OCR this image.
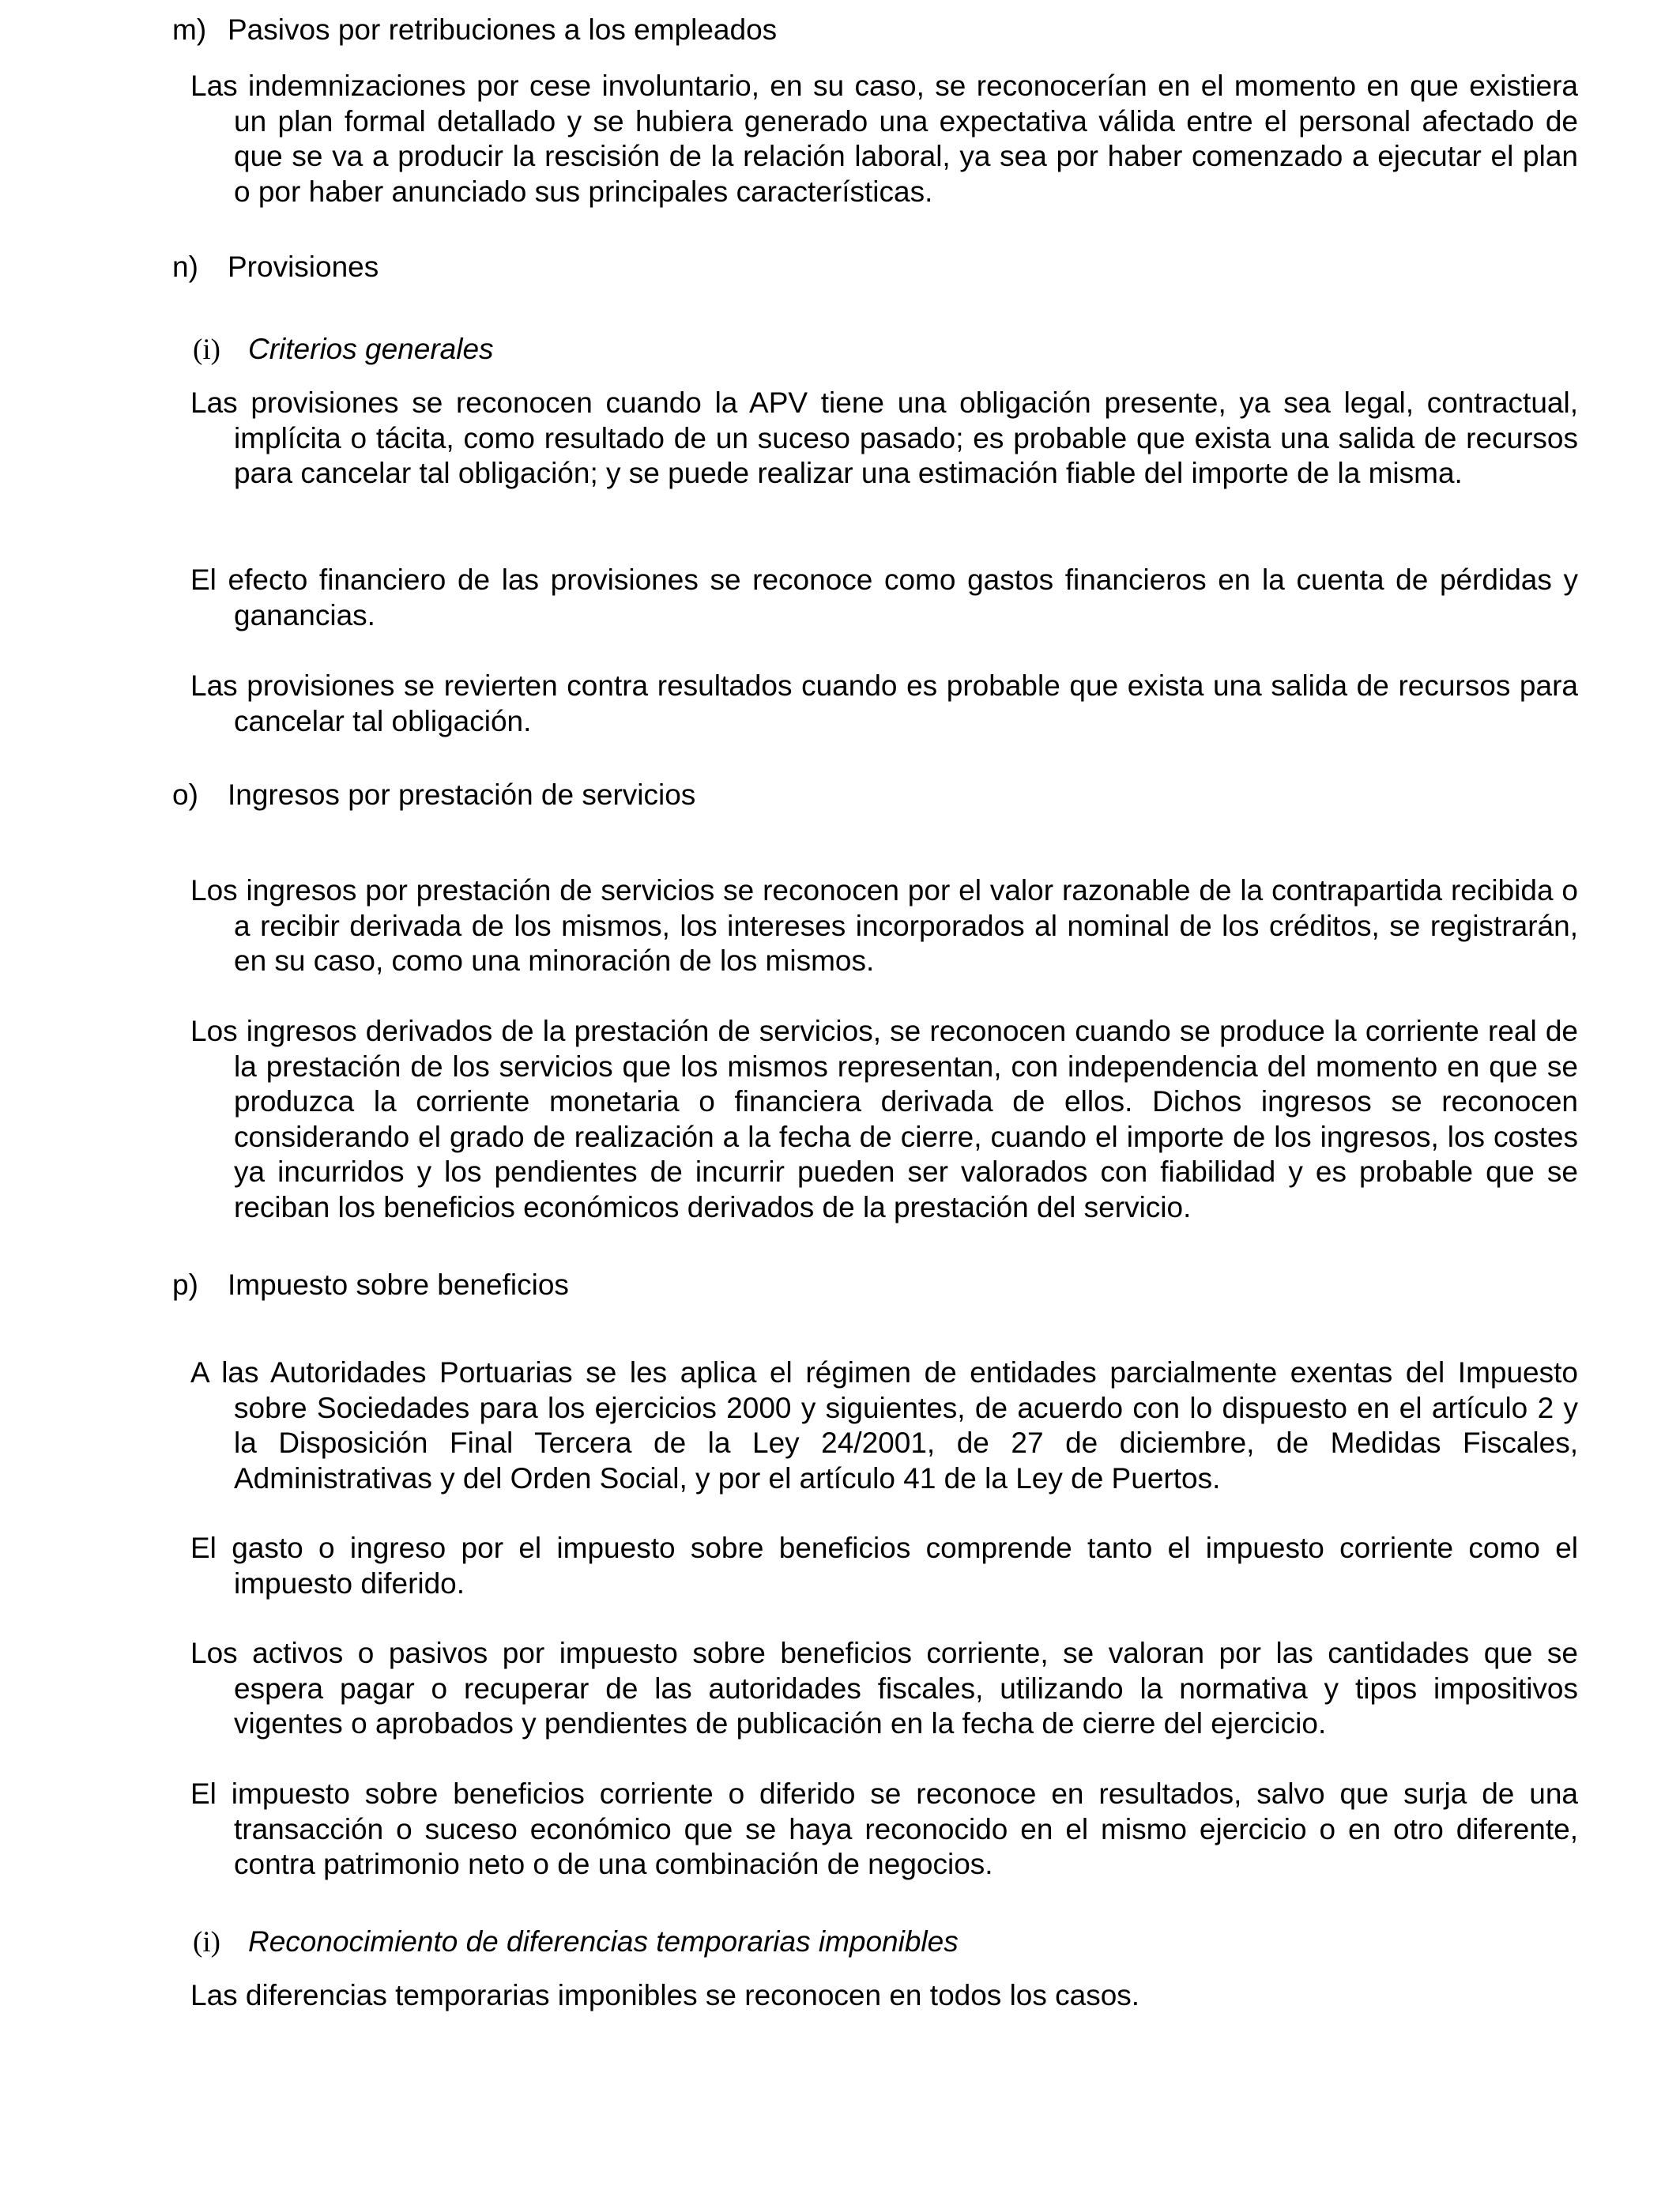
m) Pasivos por retribuciones a los empleados
Las indemnizaciones por cese involuntario, en su caso, se reconocerían en el momento en que existiera un plan formal detallado y se hubiera generado una expectativa válida entre el personal afectado de que se va a producir la rescisión de la relación laboral, ya sea por haber comenzado a ejecutar el plan o por haber anunciado sus principales características.
n) Provisiones
(i) Criterios generales
Las provisiones se reconocen cuando la APV tiene una obligación presente, ya sea legal, contractual, implícita o tácita, como resultado de un suceso pasado; es probable que exista una salida de recursos para cancelar tal obligación; y se puede realizar una estimación fiable del importe de la misma.
El efecto financiero de las provisiones se reconoce como gastos financieros en la cuenta de pérdidas y ganancias.
Las provisiones se revierten contra resultados cuando es probable que exista una salida de recursos para cancelar tal obligación.
o) Ingresos por prestación de servicios
Los ingresos por prestación de servicios se reconocen por el valor razonable de la contrapartida recibida o a recibir derivada de los mismos, los intereses incorporados al nominal de los créditos, se registrarán, en su caso, como una minoración de los mismos.
Los ingresos derivados de la prestación de servicios, se reconocen cuando se produce la corriente real de la prestación de los servicios que los mismos representan, con independencia del momento en que se produzca la corriente monetaria o financiera derivada de ellos. Dichos ingresos se reconocen considerando el grado de realización a la fecha de cierre, cuando el importe de los ingresos, los costes ya incurridos y los pendientes de incurrir pueden ser valorados con fiabilidad y es probable que se reciban los beneficios económicos derivados de la prestación del servicio.
p) Impuesto sobre beneficios
A las Autoridades Portuarias se les aplica el régimen de entidades parcialmente exentas del Impuesto sobre Sociedades para los ejercicios 2000 y siguientes, de acuerdo con lo dispuesto en el artículo 2 y la Disposición Final Tercera de la Ley 24/2001, de 27 de diciembre, de Medidas Fiscales, Administrativas y del Orden Social, y por el artículo 41 de la Ley de Puertos.
El gasto o ingreso por el impuesto sobre beneficios comprende tanto el impuesto corriente como el impuesto diferido.
Los activos o pasivos por impuesto sobre beneficios corriente, se valoran por las cantidades que se espera pagar o recuperar de las autoridades fiscales, utilizando la normativa y tipos impositivos vigentes o aprobados y pendientes de publicación en la fecha de cierre del ejercicio.
El impuesto sobre beneficios corriente o diferido se reconoce en resultados, salvo que surja de una transacción o suceso económico que se haya reconocido en el mismo ejercicio o en otro diferente, contra patrimonio neto o de una combinación de negocios.
(i) Reconocimiento de diferencias temporarias imponibles
Las diferencias temporarias imponibles se reconocen en todos los casos.
